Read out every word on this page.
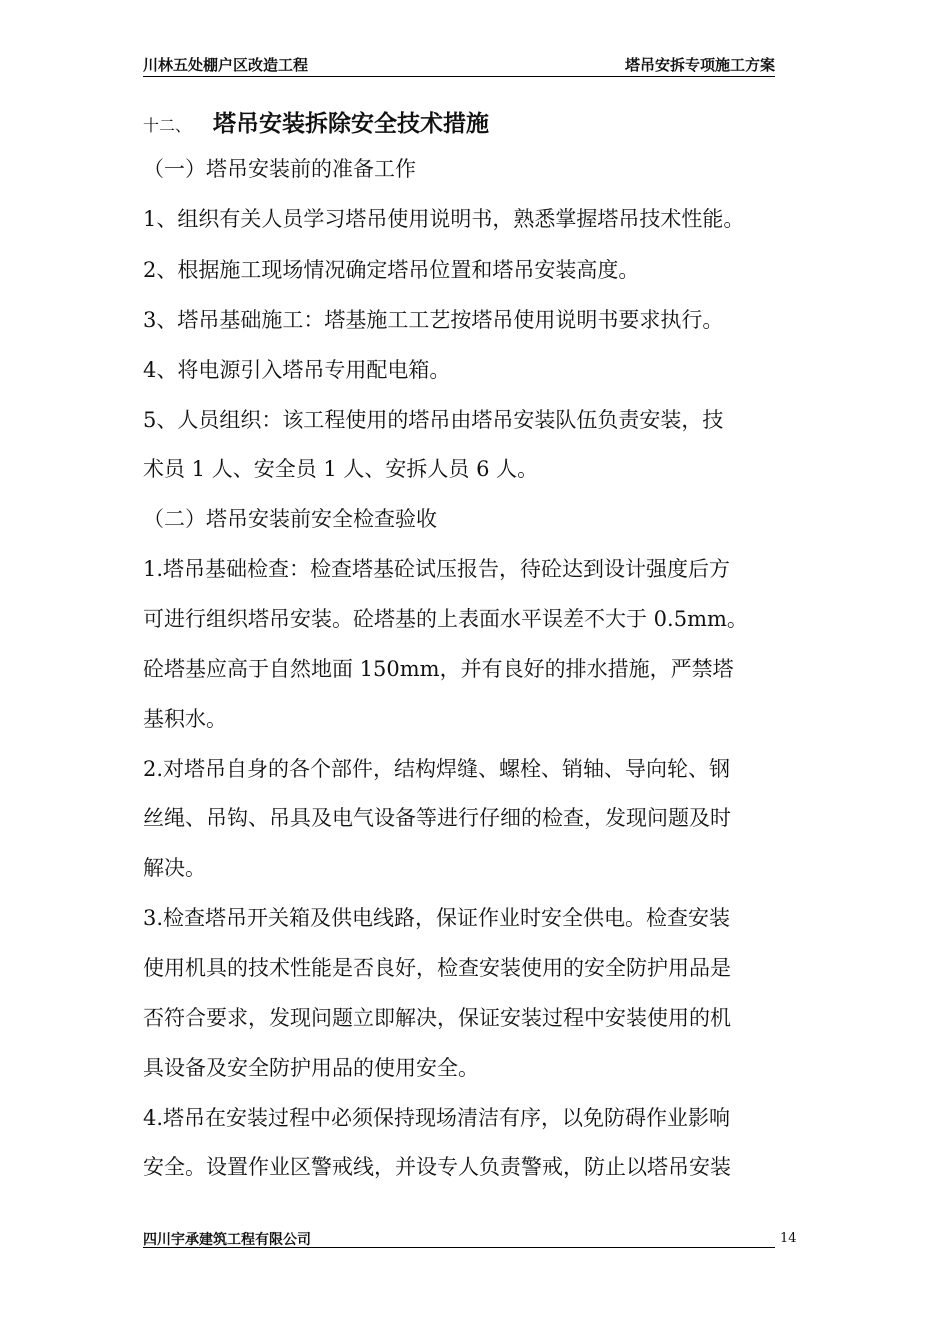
川林五处棚户区改造工程	塔吊安拆专项施工方案
十二、 塔吊安装拆除安全技术措施
（一）塔吊安装前的准备工作
1、组织有关人员学习塔吊使用说明书，熟悉掌握塔吊技术性能。
2、根据施工现场情况确定塔吊位置和塔吊安装高度。
3、塔吊基础施工：塔基施工工艺按塔吊使用说明书要求执行。
4、将电源引入塔吊专用配电箱。
5、人员组织：该工程使用的塔吊由塔吊安装队伍负责安装，技
术员 1 人、安全员 1 人、安拆人员 6 人。
（二）塔吊安装前安全检查验收
1.塔吊基础检查：检查塔基砼试压报告，待砼达到设计强度后方
可进行组织塔吊安装。砼塔基的上表面水平误差不大于 0.5mm。
砼塔基应高于自然地面 150mm，并有良好的排水措施，严禁塔
基积水。
2.对塔吊自身的各个部件，结构焊缝、螺栓、销轴、导向轮、钢
丝绳、吊钩、吊具及电气设备等进行仔细的检查，发现问题及时
解决。
3.检查塔吊开关箱及供电线路，保证作业时安全供电。检查安装
使用机具的技术性能是否良好，检查安装使用的安全防护用品是
否符合要求，发现问题立即解决，保证安装过程中安装使用的机
具设备及安全防护用品的使用安全。
4.塔吊在安装过程中必须保持现场清洁有序，以免防碍作业影响
安全。设置作业区警戒线，并设专人负责警戒，防止以塔吊安装
四川宇承建筑工程有限公司	14
